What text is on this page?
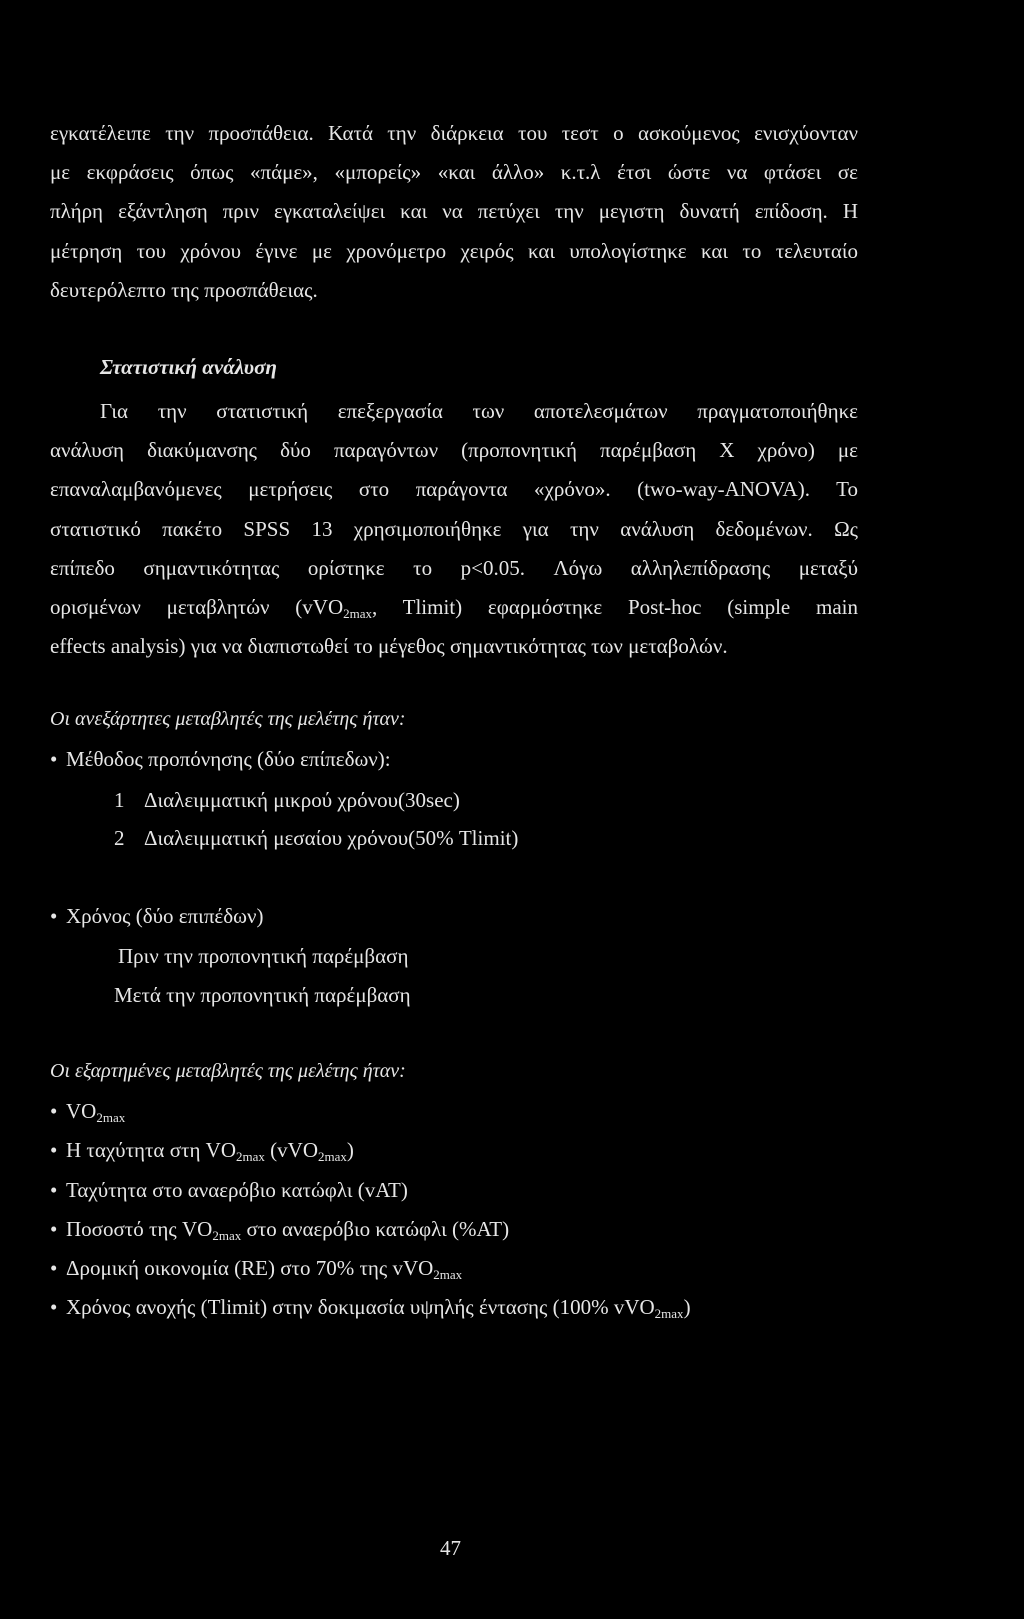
εγκατέλειπε την προσπάθεια. Κατά την διάρκεια του τεστ ο ασκούμενος ενισχύονταν
με εκφράσεις όπως «πάμε», «μπορείς» «και άλλο» κ.τ.λ έτσι ώστε να φτάσει σε
πλήρη εξάντληση πριν εγκαταλείψει και να πετύχει την μεγιστη δυνατή επίδοση. Η
μέτρηση του χρόνου έγινε με χρονόμετρο χειρός και υπολογίστηκε και το τελευταίο
δευτερόλεπτο της προσπάθειας.
Στατιστική ανάλυση
Για την στατιστική επεξεργασία των αποτελεσμάτων πραγματοποιήθηκε
ανάλυση διακύμανσης δύο παραγόντων (προπονητική παρέμβαση Χ χρόνο) με
επαναλαμβανόμενες μετρήσεις στο παράγοντα «χρόνο». (two-way-ANOVA). Το
στατιστικό πακέτο SPSS 13 χρησιμοποιήθηκε για την ανάλυση δεδομένων. Ως
επίπεδο σημαντικότητας ορίστηκε το p<0.05. Λόγω αλληλεπίδρασης μεταξύ
ορισμένων μεταβλητών (vVO$_{2max}$, Tlimit) εφαρμόστηκε Post-hoc (simple main
effects analysis) για να διαπιστωθεί το μέγεθος σημαντικότητας των μεταβολών.
Οι ανεξάρτητες μεταβλητές της μελέτης ήταν:
• Μέθοδος προπόνησης (δύο επίπεδων):
1 Διαλειμματική μικρού χρόνου(30sec)
2 Διαλειμματική μεσαίου χρόνου(50% Tlimit)
• Χρόνος (δύο επιπέδων)
Πριν την προπονητική παρέμβαση
Μετά την προπονητική παρέμβαση
Οι εξαρτημένες μεταβλητές της μελέτης ήταν:
• $VO_{2max}$
• Η ταχύτητα στη $VO_{2max}$ (vVO$_{2max}$)
• Ταχύτητα στο αναερόβιο κατώφλι (vAT)
• Ποσοστό της $VO_{2max}$ στο αναερόβιο κατώφλι (%AT)
• Δρομική οικονομία (RE) στο 70% της vVO$_{2max}$
• Χρόνος ανοχής (Tlimit) στην δοκιμασία υψηλής έντασης (100% vVO$_{2max}$)
47
